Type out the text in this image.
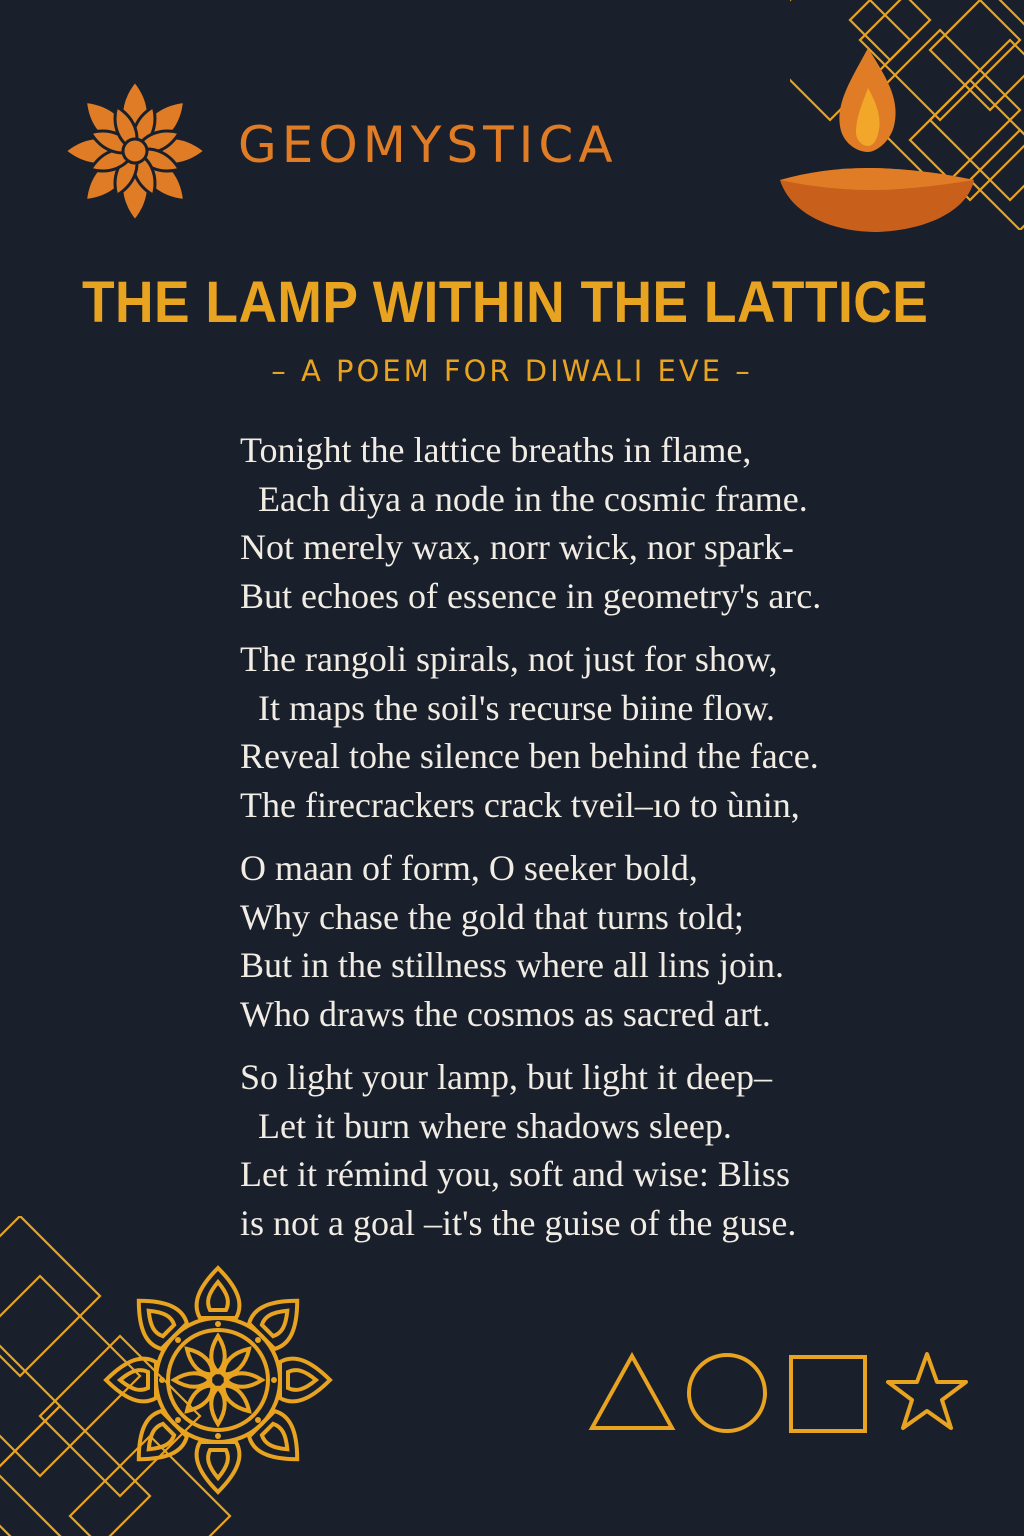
GEOMYSTICA
THE LAMP WITHIN THE LATTICE
– A POEM FOR DIWALI EVE –
Tonight the lattice breaths in flame,
Each diya a node in the cosmic frame.
Not merely wax, norr wick, nor spark-
But echoes of essence in geometry's arc.
The rangoli spirals, not just for show,
It maps the soil's recurse biine flow.
Reveal tohe silence ben behind the face.
The firecrackers crack tveil–ıo to ùnin,
O maan of form, O seeker bold,
Why chase the gold that turns told;
But in the stillness where all lins join.
Who draws the cosmos as sacred art.
So light your lamp, but light it deep–
Let it burn where shadows sleep.
Let it rémind you, soft and wise: Bliss
is not a goal –it's the guise of the guse.
